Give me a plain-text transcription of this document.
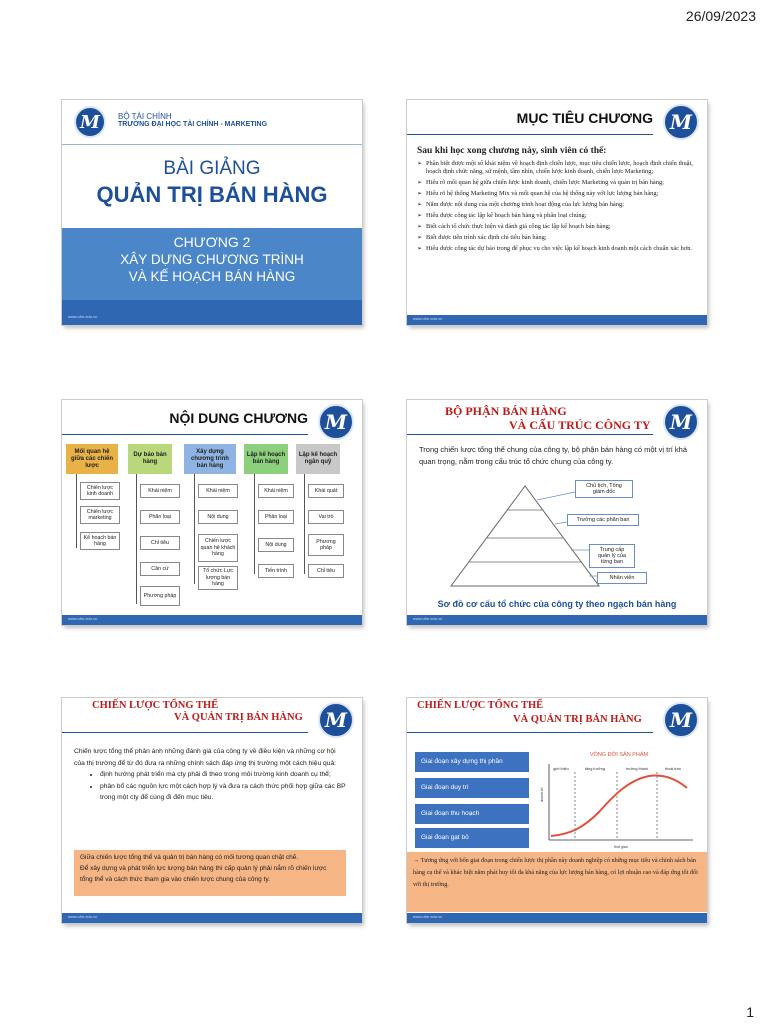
26/09/2023
M	BỘ TÀI CHÍNH
TRƯỜNG ĐẠI HỌC TÀI CHÍNH - MARKETING
BÀI GIẢNG
QUẢN TRỊ BÁN HÀNG
CHƯƠNG 2
XÂY DỰNG CHƯƠNG TRÌNH
VÀ KẾ HOẠCH BÁN HÀNG
www.ufm.edu.vn
MỤC TIÊU CHƯƠNG M
Sau khi học xong chương này, sinh viên có thể:
➢ Phân biệt được một số khái niệm về hoạch định chiến lược, mục tiêu chiến lược, hoạch định chiến thuật, hoạch định chức năng, sứ mệnh, tầm nhìn, chiến lược kinh doanh, chiến lược Marketing;
➢ Hiểu rõ mối quan hệ giữa chiến lược kinh doanh, chiến lược Marketing và quản trị bán hàng;
➢ Hiểu rõ hệ thống Marketing Mix và mối quan hệ của hệ thống này với lực lượng bán hàng;
➢ Nắm được nội dung của một chương trình hoạt động của lực lượng bán hàng;
➢ Hiểu được công tác lập kế hoạch bán hàng và phân loại chúng;
➢ Biết cách tổ chức thực hiện và đánh giá công tác lập kế hoạch bán hàng;
➢ Biết được tiến trình xác định chỉ tiêu bán hàng;
➢ Hiểu được công tác dự báo trong để phục vụ cho việc lập kế hoạch kinh doanh một cách chuẩn xác hơn.
www.ufm.edu.vn
NỘI DUNG CHƯƠNG M
Mối quan hệ giữa các chiến lược
Dự báo bán hàng
Xây dựng chương trình bán hàng
Lập kế hoạch bán hàng
Lập kế hoạch ngân quỹ
Chiến lược kinh doanh
Chiến lược marketing
Kế hoạch bán hàng
Khái niệm
Phân loại
Chỉ tiêu
Căn cứ
Phương pháp
Khái niệm
Nội dung
Chiến lược quan hệ khách hàng
Tổ chức Lực lượng bán hàng
Khái niệm
Phân loại
Nội dung
Tiến trình
Khái quát
Vai trò
Phương pháp
Chỉ tiêu
www.ufm.edu.vn
BỘ PHẬN BÁN HÀNG
VÀ CẤU TRÚC CÔNG TY M
Trong chiến lược tổng thể chung của công ty, bộ phận bán hàng có một vị trí khá quan trọng, nằm trong cấu trúc tổ chức chung của công ty.
Chủ tịch, Tổng giám đốc
Trưởng các phân ban
Trung cấp quản lý của từng ban
Nhân viên
Sơ đồ cơ cấu tổ chức của công ty theo ngạch bán hàng
www.ufm.edu.vn
CHIẾN LƯỢC TỔNG THỂ
VÀ QUẢN TRỊ BÁN HÀNG	M

Chiến lược tổng thể phản ánh những đánh giá của công ty về điều kiện và những cơ hội của thị trường để từ đó đưa ra những chính sách đáp ứng thị trường một cách hiệu quả:

• định hướng phát triển mà cty phải đi theo trong môi trường kinh doanh cụ thể;
• phân bổ các nguồn lực một cách hợp lý và đưa ra cách thức phối hợp giữa các BP trong một cty để cùng đi đến mục tiêu.

Giữa chiến lược tổng thể và quản trị bán hàng có mối tương quan chặt chẽ.

Để xây dựng và phát triển lực lượng bán hàng thì cấp quản lý phải nắm rõ chiến lược tổng thể và cách thức tham gia vào chiến lược chung của công ty.

www.ufm.edu.vn
CHIẾN LƯỢC TỔNG THỂ
VÀ QUẢN TRỊ BÁN HÀNG	M
Giai đoạn xây dựng thị phần
Giai đoạn duy trì
Giai đoạn thu hoạch
Giai đoạn gạt bỏ
VÒNG ĐỜI SẢN PHẨM
giới thiệu	tăng trưởng	trưởng thành	thoái trào
doanh số
thời gian
→ Tương ứng với bốn giai đoạn trong chiến lược thị phần này doanh nghiệp có những mục tiêu và chính sách bán hàng cụ thể và khác biệt nằm phát huy tối đa khả năng của lực lượng bán hàng, có lợi nhuận cao và đáp ứng tốt đối với thị trường.
www.ufm.edu.vn
1
